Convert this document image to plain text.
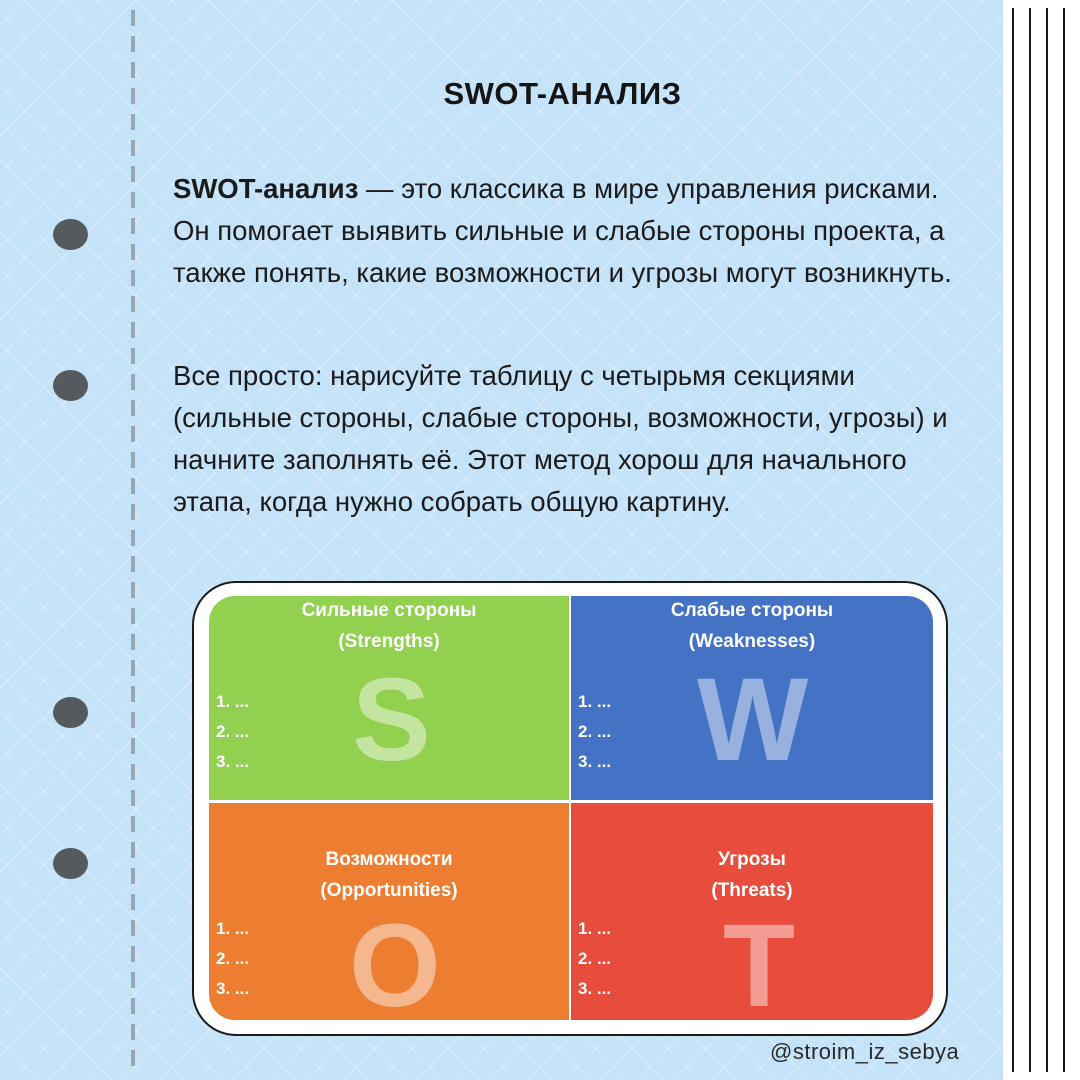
SWOT-АНАЛИЗ
SWOT-анализ — это классика в мире управления рисками. Он помогает выявить сильные и слабые стороны проекта, а также понять, какие возможности и угрозы могут возникнуть.
Все просто: нарисуйте таблицу с четырьмя секциями (сильные стороны, слабые стороны, возможности, угрозы) и начните заполнять её. Этот метод хорош для начального этапа, когда нужно собрать общую картину.
S
Сильные стороны
(Strengths)
1. ...
2. ...
3. ...	W
Слабые стороны
(Weaknesses)
1. ...
2. ...
3. ...
O
Возможности
(Opportunities)
1. ...
2. ...
3. ...	T
Угрозы
(Threats)
1. ...
2. ...
3. ...
@stroim_iz_sebya
